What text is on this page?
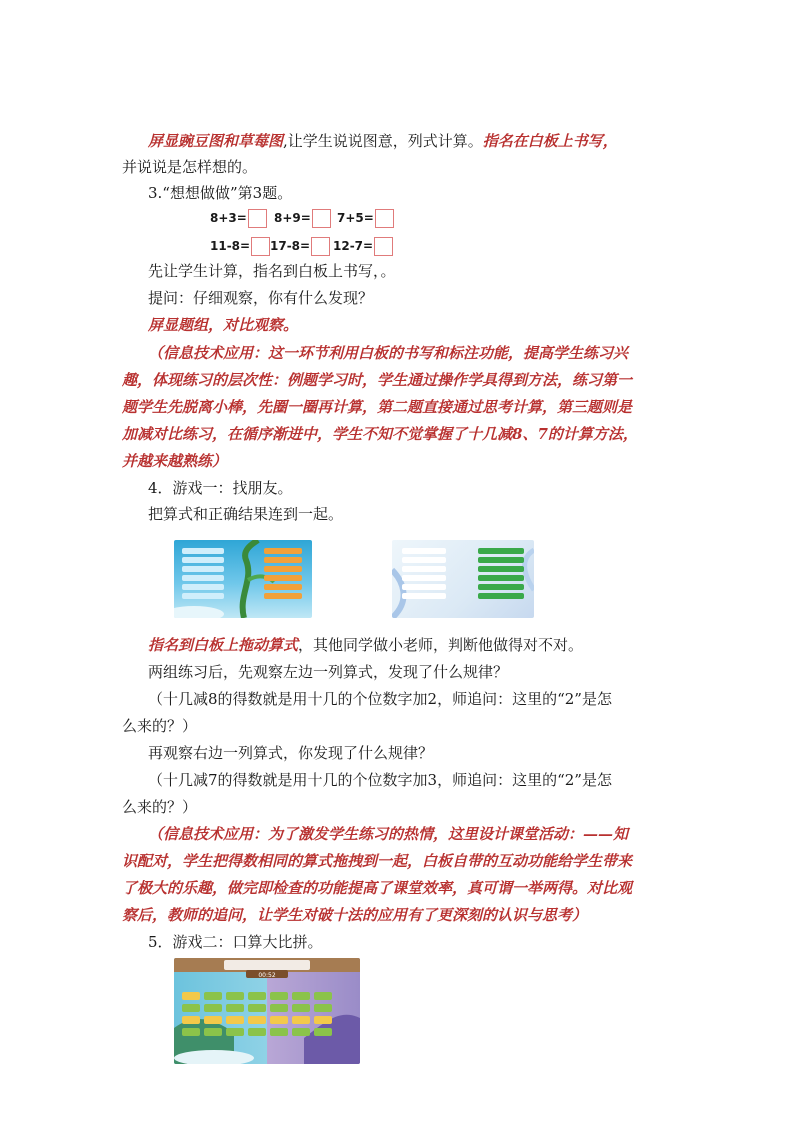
屏显豌豆图和草莓图,让学生说说图意，列式计算。指名在白板上书写，
并说说是怎样想的。
3.“想想做做”第3题。
8+3=	8+9=	7+5=
11-8=	17-8=	12-7=
先让学生计算，指名到白板上书写，。
提问：仔细观察，你有什么发现？
屏显题组，对比观察。
（信息技术应用：这一环节利用白板的书写和标注功能，提高学生练习兴
趣，体现练习的层次性：例题学习时，学生通过操作学具得到方法，练习第一
题学生先脱离小棒，先圈一圈再计算，第二题直接通过思考计算，第三题则是
加减对比练习，在循序渐进中，学生不知不觉掌握了十几减8、7的计算方法，
并越来越熟练）
4．游戏一：找朋友。
把算式和正确结果连到一起。
指名到白板上拖动算式，其他同学做小老师，判断他做得对不对。
两组练习后，先观察左边一列算式，发现了什么规律？
（十几减8的得数就是用十几的个位数字加2，师追问：这里的“2”是怎
么来的？）
再观察右边一列算式，你发现了什么规律？
（十几减7的得数就是用十几的个位数字加3，师追问：这里的“2”是怎
么来的？）
（信息技术应用：为了激发学生练习的热情，这里设计课堂活动：——知
识配对，学生把得数相同的算式拖拽到一起，白板自带的互动功能给学生带来
了极大的乐趣，做完即检查的功能提高了课堂效率，真可谓一举两得。对比观
察后，教师的追问，让学生对破十法的应用有了更深刻的认识与思考）
5．游戏二：口算大比拼。
00:52
